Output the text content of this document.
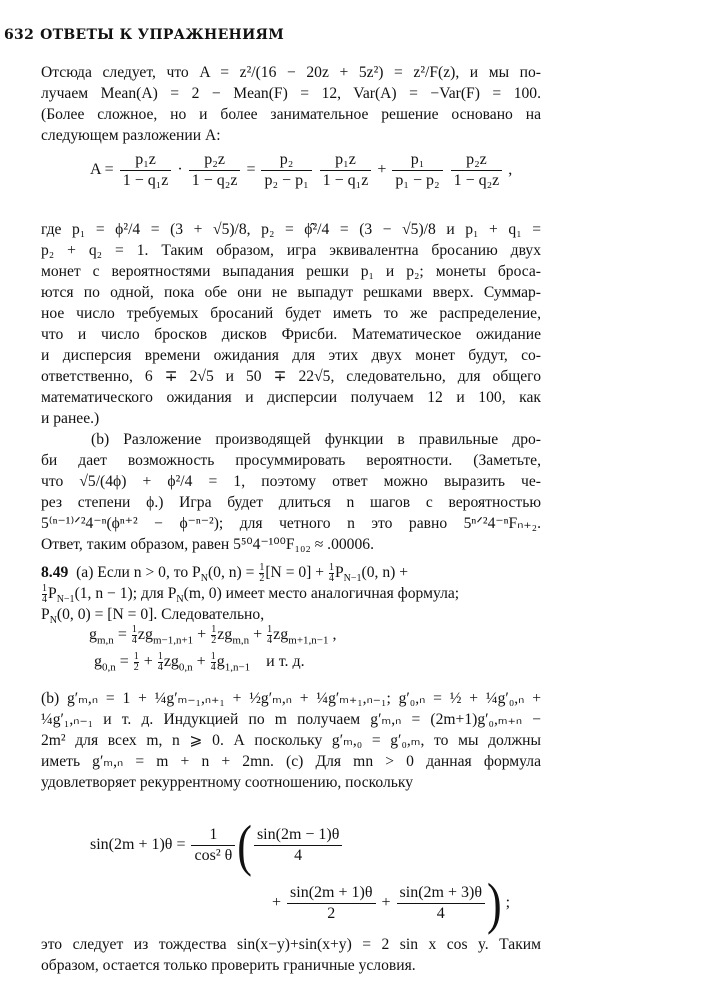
632 ОТВЕТЫ К УПРАЖНЕНИЯМ
Отсюда следует, что A = z²/(16 − 20z + 5z²) = z²/F(z), и мы по-
лучаем Mean(A) = 2 − Mean(F) = 12, Var(A) = −Var(F) = 100.
(Более сложное, но и более занимательное решение основано на
следующем разложении A:
$A = \frac{\text{p₁z}}{\text{1 − q₁z}} \cdot \frac{\text{p₂z}}{\text{1 − q₂z}} = \frac{\text{p₂}}{\text{p₂ − p₁}}$
$\frac{\text{p₁z}}{\text{1 − q₁z}} + \frac{\text{p₁}}{\text{p₁ − p₂}}$
$\frac{\text{p₂z}}{\text{1 − q₂z}}$ ,
где p₁ = ϕ²/4 = (3 + √5)/8, p₂ = ϕ̂²/4 = (3 − √5)/8 и p₁ + q₁ =
p₂ + q₂ = 1. Таким образом, игра эквивалентна бросанию двух
монет с вероятностями выпадания решки p₁ и p₂; монеты броса-
ются по одной, пока обе они не выпадут решками вверх. Суммар-
ное число требуемых бросаний будет иметь то же распределение,
что и число бросков дисков Фрисби. Математическое ожидание
и дисперсия времени ожидания для этих двух монет будут, со-
ответственно, 6 ∓ 2√5 и 50 ∓ 22√5, следовательно, для общего
математического ожидания и дисперсии получаем 12 и 100, как
и ранее.)
(b) Разложение производящей функции в правильные дро-
би дает возможность просуммировать вероятности. (Заметьте,
что √5/(4ϕ) + ϕ²/4 = 1, поэтому ответ можно выразить че-
рез степени ϕ.) Игра будет длиться n шагов с вероятностью
5⁽ⁿ⁻¹⁾ᐟ²4⁻ⁿ(ϕⁿ⁺² − ϕ⁻ⁿ⁻²); для четного n это равно 5ⁿᐟ²4⁻ⁿFₙ₊₂.
Ответ, таким образом, равен 5⁵⁰4⁻¹⁰⁰F₁₀₂ ≈ .00006.
8.49 (a) Если n > 0, то $P_N(0$, $n) = \frac{1}{2} [N = 0] + \frac{1}{4} P_{N-1}(0$, n) +
$\frac{1}{4} P_{N-1}(1$, n − 1); для $P_N(m$, 0) имеет место аналогичная формула;
$P_N(0$, 0) = [N = 0]. Следовательно,
$g_{m,n} = \frac{1}{4} zg_{m-1,n+1} + \frac{1}{2} zg_{m,n} + \frac{1}{4} zg_{m+1,n-1}$ ,
$g_{0,n} = \frac{1}{2} + \frac{1}{4} zg_{0,n} + \frac{1}{4} g_{1,n-1}$ и т. д.
(b) g′ₘ,ₙ = 1 + ¼g′ₘ₋₁,ₙ₊₁ + ½g′ₘ,ₙ + ¼g′ₘ₊₁,ₙ₋₁; g′₀,ₙ = ½ + ¼g′₀,ₙ +
¼g′₁,ₙ₋₁ и т. д. Индукцией по m получаем g′ₘ,ₙ = (2m+1)g′₀,ₘ₊ₙ −
2m² для всех m, n ⩾ 0. А поскольку g′ₘ,₀ = g′₀,ₘ, то мы должны
иметь g′ₘ,ₙ = m + n + 2mn. (c) Для mn > 0 данная формула
удовлетворяет рекуррентному соотношению, поскольку
$\sin(2m + 1)\theta = \frac{1}{\text{cos² θ}}$ ( $\frac{\sin(2m - 1)\theta}{4}$
+ $\frac{\sin(2m + 1)\theta}{2} + \frac{\sin(2m + 3)\theta}{4}$ ) ;
это следует из тождества sin(x−y)+sin(x+y) = 2 sin x cos y. Таким
образом, остается только проверить граничные условия.
